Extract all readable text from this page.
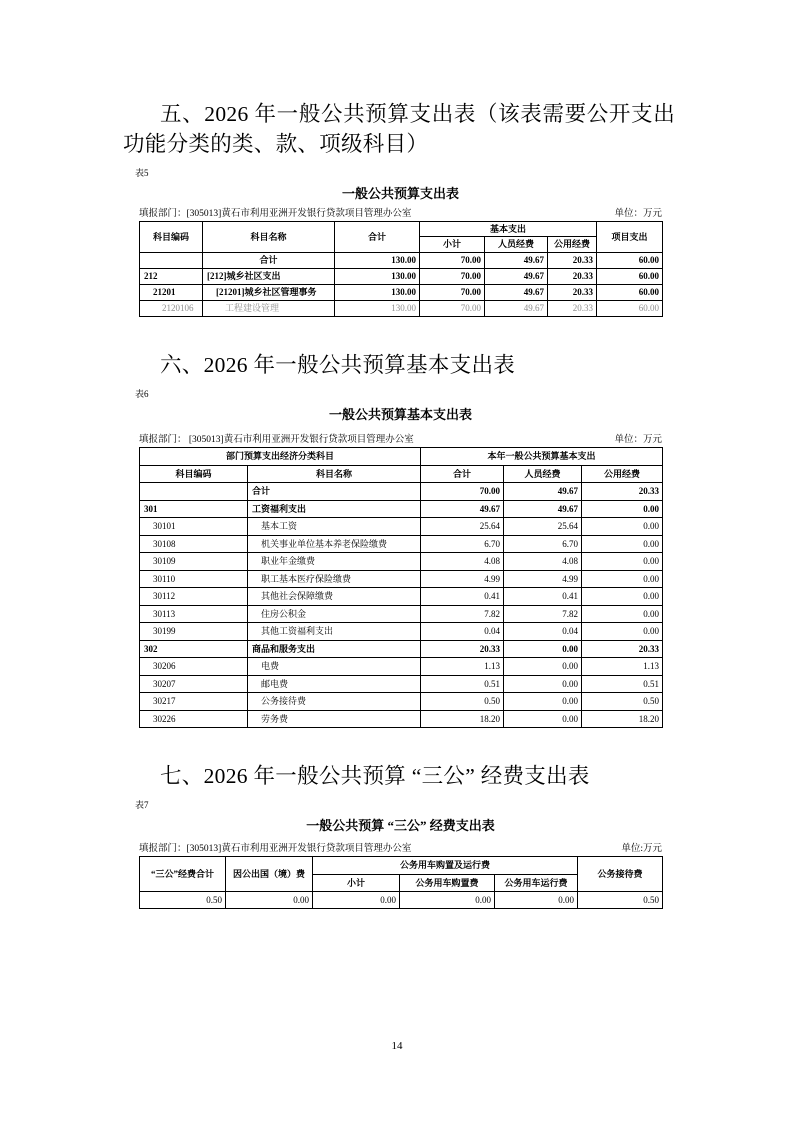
五、2026 年一般公共预算支出表（该表需要公开支出功能分类的类、款、项级科目）
表5
一般公共预算支出表
填报部门：[305013]黄石市利用亚洲开发银行贷款项目管理办公室	单位：万元
科目编码	科目名称	合计	基本支出			项目支出
			小计	人员经费	公用经费	
	合计	130.00	70.00	49.67	20.33	60.00
212	[212]城乡社区支出	130.00	70.00	49.67	20.33	60.00
21201	[21201]城乡社区管理事务	130.00	70.00	49.67	20.33	60.00
2120106	工程建设管理	130.00	70.00	49.67	20.33	60.00
六、2026 年一般公共预算基本支出表
表6
一般公共预算基本支出表
填报部门： [305013]黄石市利用亚洲开发银行贷款项目管理办公室	单位：万元
部门预算支出经济分类科目		本年一般公共预算基本支出		
科目编码	科目名称	合计	人员经费	公用经费
	合计	70.00	49.67	20.33
301	工资福利支出	49.67	49.67	0.00
30101	基本工资	25.64	25.64	0.00
30108	机关事业单位基本养老保险缴费	6.70	6.70	0.00
30109	职业年金缴费	4.08	4.08	0.00
30110	职工基本医疗保险缴费	4.99	4.99	0.00
30112	其他社会保障缴费	0.41	0.41	0.00
30113	住房公积金	7.82	7.82	0.00
30199	其他工资福利支出	0.04	0.04	0.00
302	商品和服务支出	20.33	0.00	20.33
30206	电费	1.13	0.00	1.13
30207	邮电费	0.51	0.00	0.51
30217	公务接待费	0.50	0.00	0.50
30226	劳务费	18.20	0.00	18.20
七、2026 年一般公共预算 “三公” 经费支出表
表7
一般公共预算 “三公” 经费支出表
填报部门：[305013]黄石市利用亚洲开发银行贷款项目管理办公室	单位:万元
“三公”经费合计	因公出国（境）费	公务用车购置及运行费			公务接待费
		小计	公务用车购置费	公务用车运行费	
0.50	0.00	0.00	0.00	0.00	0.50
14
